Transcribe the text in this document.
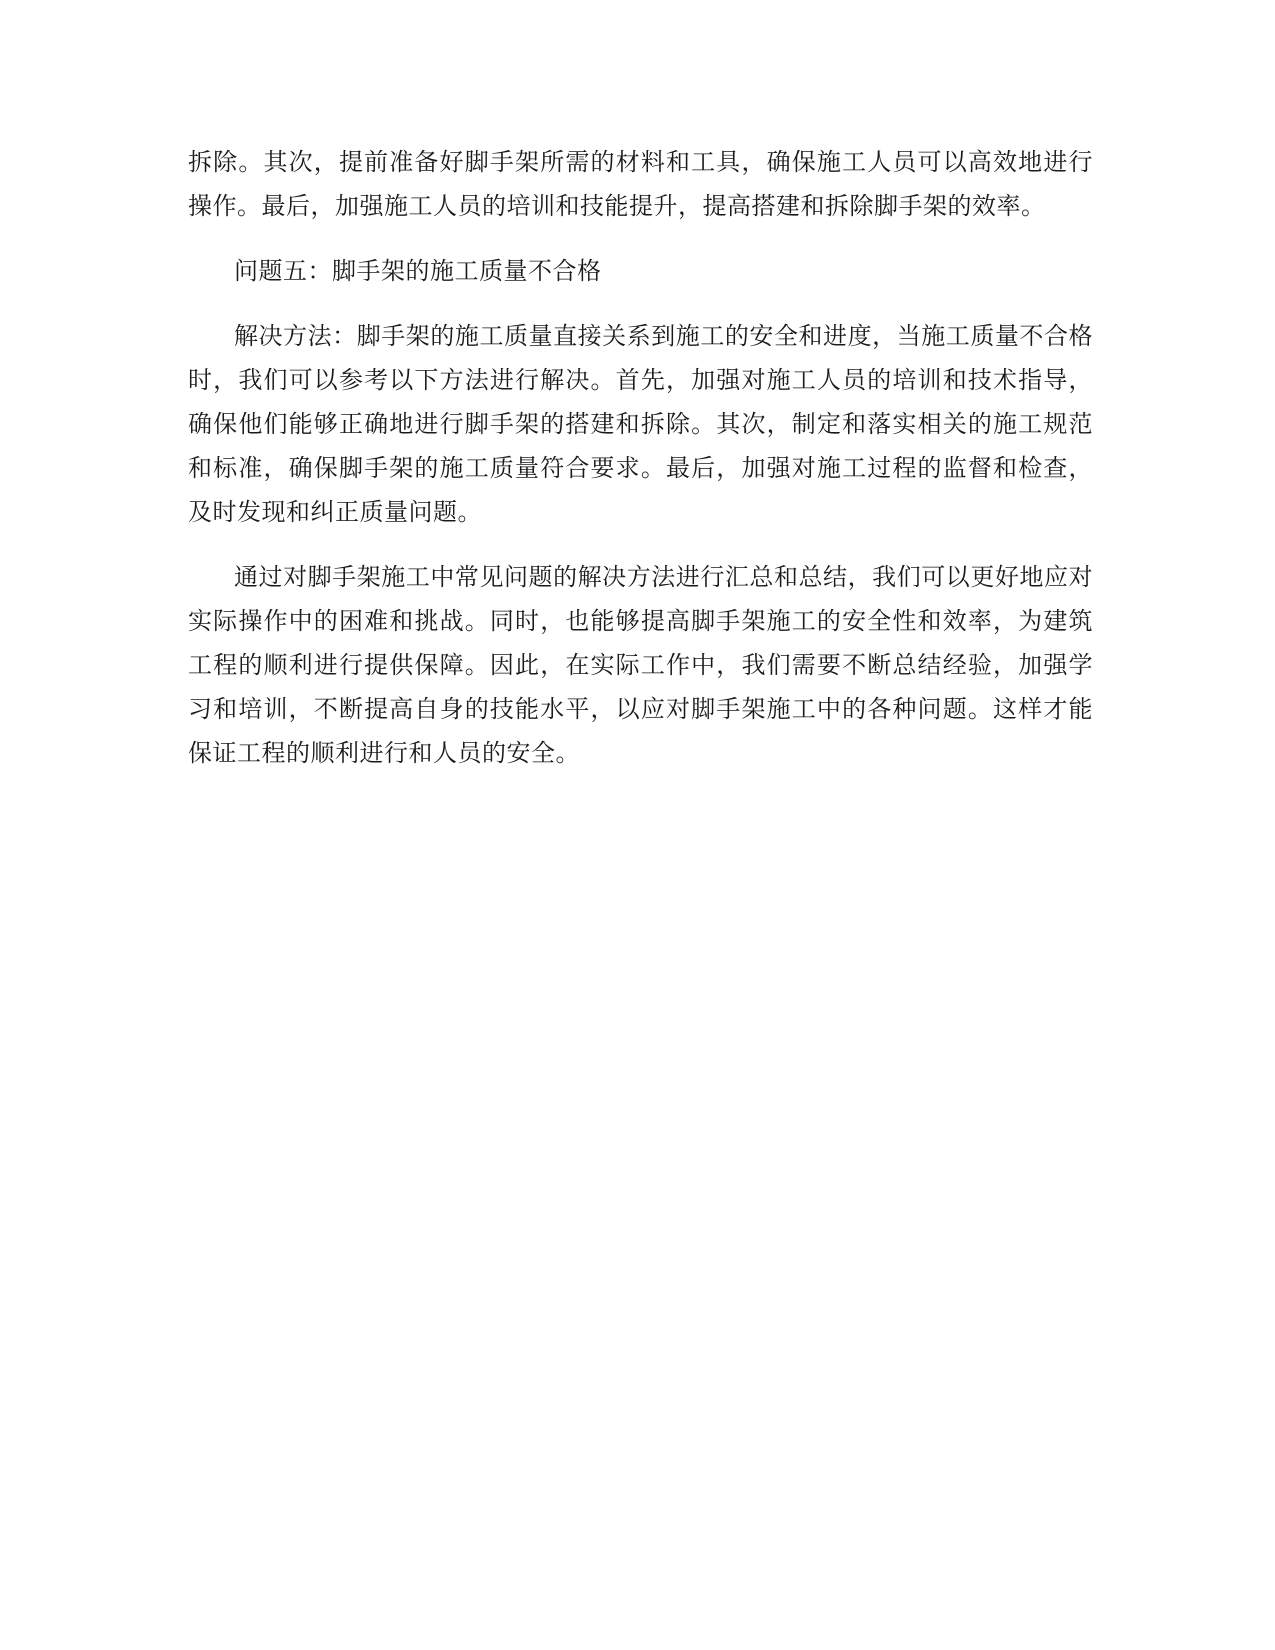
拆除。其次，提前准备好脚手架所需的材料和工具，确保施工人员可以高效地进行操作。最后，加强施工人员的培训和技能提升，提高搭建和拆除脚手架的效率。

问题五：脚手架的施工质量不合格

解决方法：脚手架的施工质量直接关系到施工的安全和进度，当施工质量不合格时，我们可以参考以下方法进行解决。首先，加强对施工人员的培训和技术指导，确保他们能够正确地进行脚手架的搭建和拆除。其次，制定和落实相关的施工规范和标准，确保脚手架的施工质量符合要求。最后，加强对施工过程的监督和检查，及时发现和纠正质量问题。

通过对脚手架施工中常见问题的解决方法进行汇总和总结，我们可以更好地应对实际操作中的困难和挑战。同时，也能够提高脚手架施工的安全性和效率，为建筑工程的顺利进行提供保障。因此，在实际工作中，我们需要不断总结经验，加强学习和培训，不断提高自身的技能水平，以应对脚手架施工中的各种问题。这样才能保证工程的顺利进行和人员的安全。
